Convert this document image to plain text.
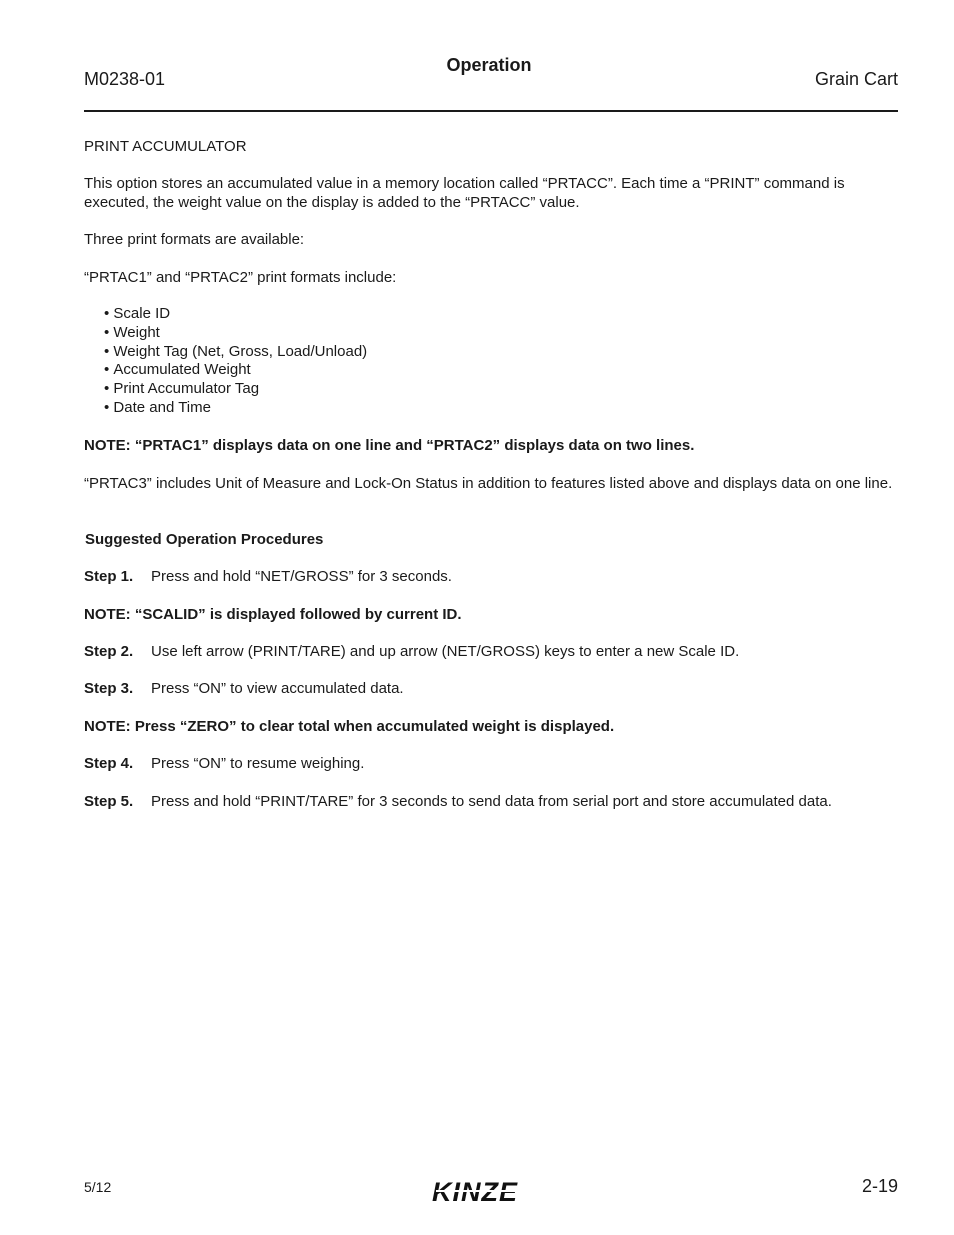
M0238-01
Operation
Grain Cart
PRINT ACCUMULATOR
This option stores an accumulated value in a memory location called “PRTACC”. Each time a “PRINT” command is executed, the weight value on the display is added to the “PRTACC” value.
Three print formats are available:
“PRTAC1” and “PRTAC2” print formats include:
• Scale ID
• Weight
• Weight Tag (Net, Gross, Load/Unload)
• Accumulated Weight
• Print Accumulator Tag
• Date and Time
NOTE: “PRTAC1” displays data on one line and “PRTAC2” displays data on two lines.
“PRTAC3” includes Unit of Measure and Lock-On Status in addition to features listed above and displays data on one line.
Suggested Operation Procedures
Step 1. Press and hold “NET/GROSS” for 3 seconds.
NOTE: “SCALID” is displayed followed by current ID.
Step 2. Use left arrow (PRINT/TARE) and up arrow (NET/GROSS) keys to enter a new Scale ID.
Step 3. Press “ON” to view accumulated data.
NOTE: Press “ZERO” to clear total when accumulated weight is displayed.
Step 4. Press “ON” to resume weighing.
Step 5. Press and hold “PRINT/TARE” for 3 seconds to send data from serial port and store accumulated data.
5/12	KINZE	2-19
